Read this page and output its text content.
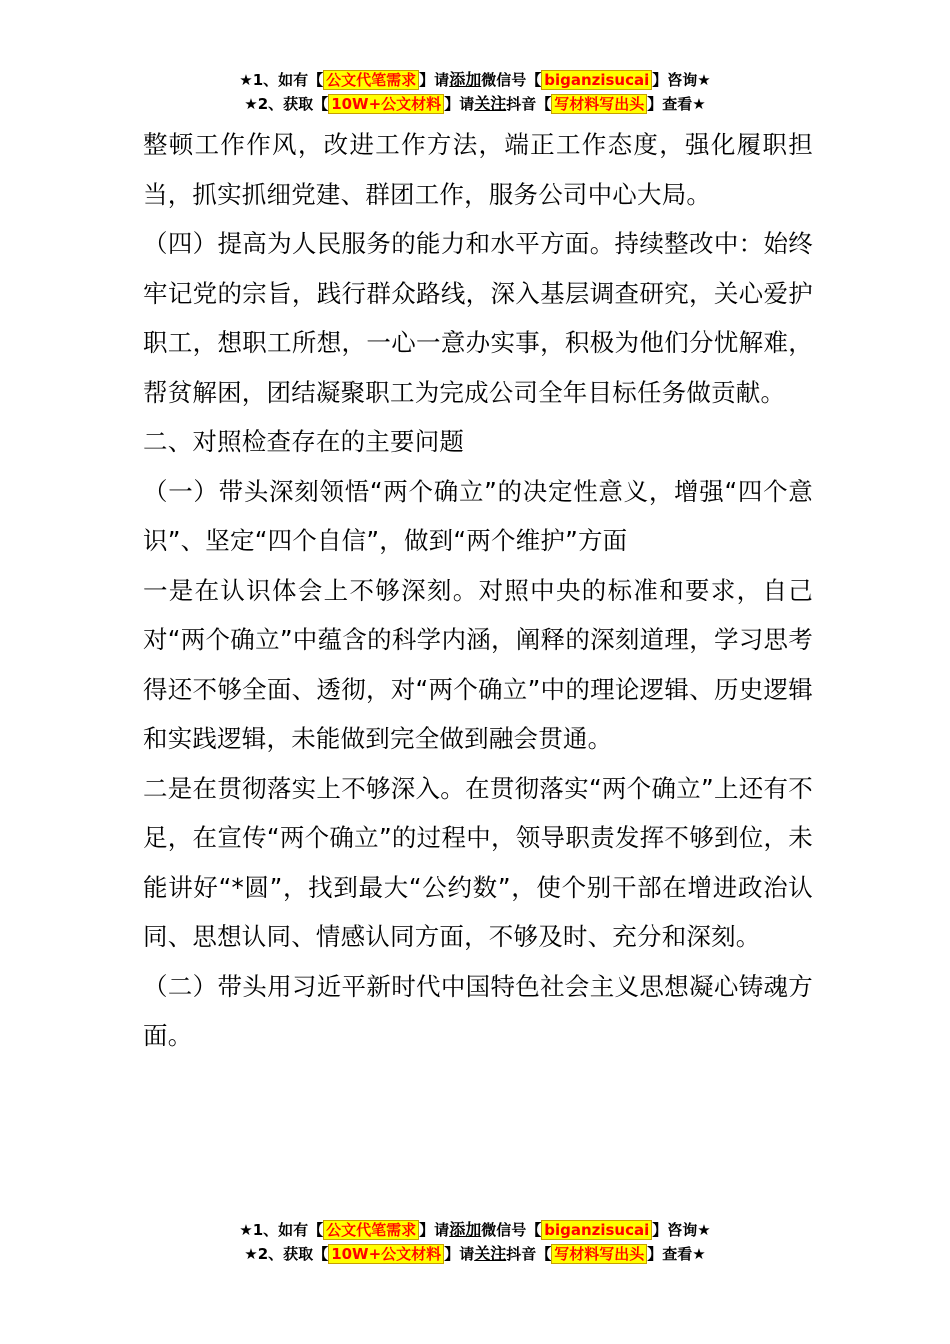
★1、如有【 公文代笔需求 】请添加微信号【 biganzisucai 】咨询★
★2、获取【 10W+公文材料 】请关注抖音【 写材料写出头 】查看★

整顿工作作风，改进工作方法，端正工作态度，强化履职担当，抓实抓细党建、群团工作，服务公司中心大局。

（四）提高为人民服务的能力和水平方面。持续整改中：始终牢记党的宗旨，践行群众路线，深入基层调查研究，关心爱护职工，想职工所想，一心一意办实事，积极为他们分忧解难，帮贫解困，团结凝聚职工为完成公司全年目标任务做贡献。

二、对照检查存在的主要问题

（一）带头深刻领悟“两个确立”的决定性意义，增强“四个意识”、坚定“四个自信”，做到“两个维护”方面

一是在认识体会上不够深刻。对照中央的标准和要求，自己对“两个确立”中蕴含的科学内涵，阐释的深刻道理，学习思考得还不够全面、透彻，对“两个确立”中的理论逻辑、历史逻辑和实践逻辑，未能做到完全做到融会贯通。

二是在贯彻落实上不够深入。在贯彻落实“两个确立”上还有不足，在宣传“两个确立”的过程中，领导职责发挥不够到位，未能讲好“*圆”，找到最大“公约数”，使个别干部在增进政治认同、思想认同、情感认同方面，不够及时、充分和深刻。

（二）带头用习近平新时代中国特色社会主义思想凝心铸魂方面。

★1、如有【 公文代笔需求 】请添加微信号【 biganzisucai 】咨询★
★2、获取【 10W+公文材料 】请关注抖音【 写材料写出头 】查看★
